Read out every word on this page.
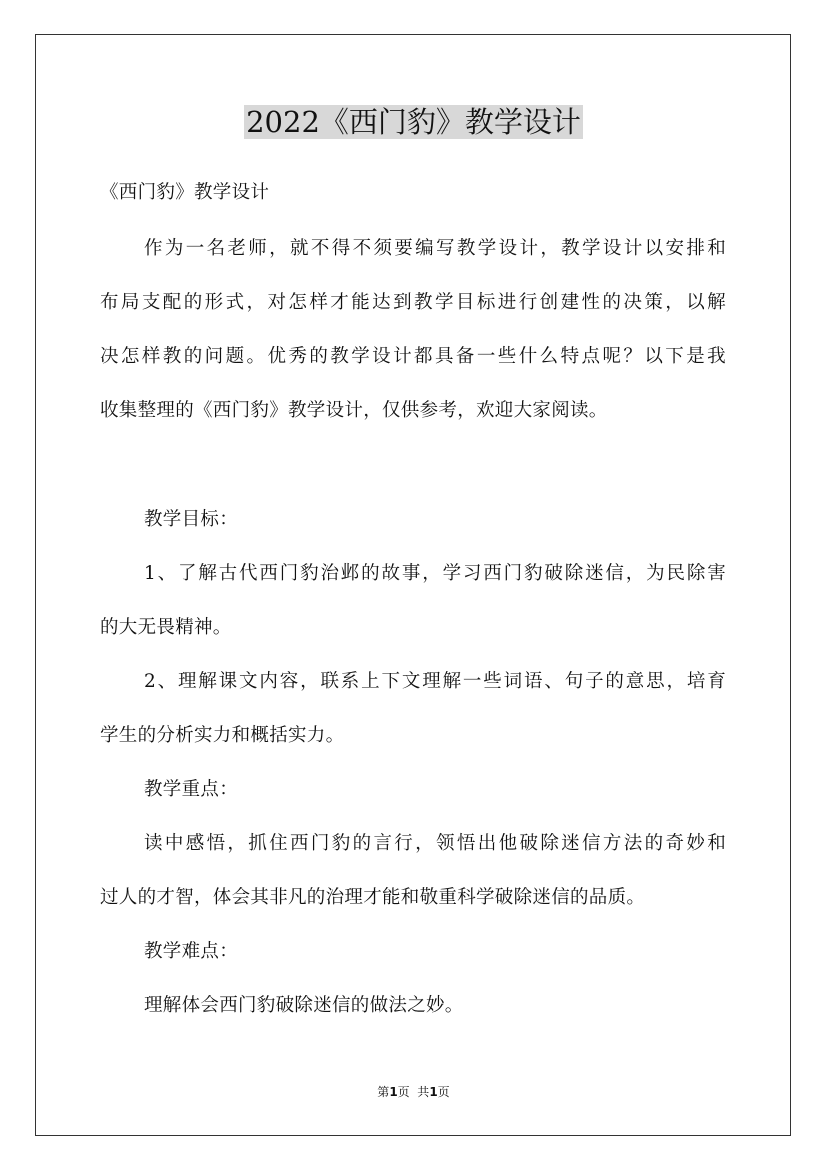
2022《西门豹》教学设计
《西门豹》教学设计
作为一名老师，就不得不须要编写教学设计，教学设计以安排和
布局支配的形式，对怎样才能达到教学目标进行创建性的决策，以解
决怎样教的问题。优秀的教学设计都具备一些什么特点呢？以下是我
收集整理的《西门豹》教学设计，仅供参考，欢迎大家阅读。
教学目标：
1、了解古代西门豹治邺的故事，学习西门豹破除迷信，为民除害
的大无畏精神。
2、理解课文内容，联系上下文理解一些词语、句子的意思，培育
学生的分析实力和概括实力。
教学重点：
读中感悟，抓住西门豹的言行，领悟出他破除迷信方法的奇妙和
过人的才智，体会其非凡的治理才能和敬重科学破除迷信的品质。
教学难点：
理解体会西门豹破除迷信的做法之妙。
第1页  共1页
